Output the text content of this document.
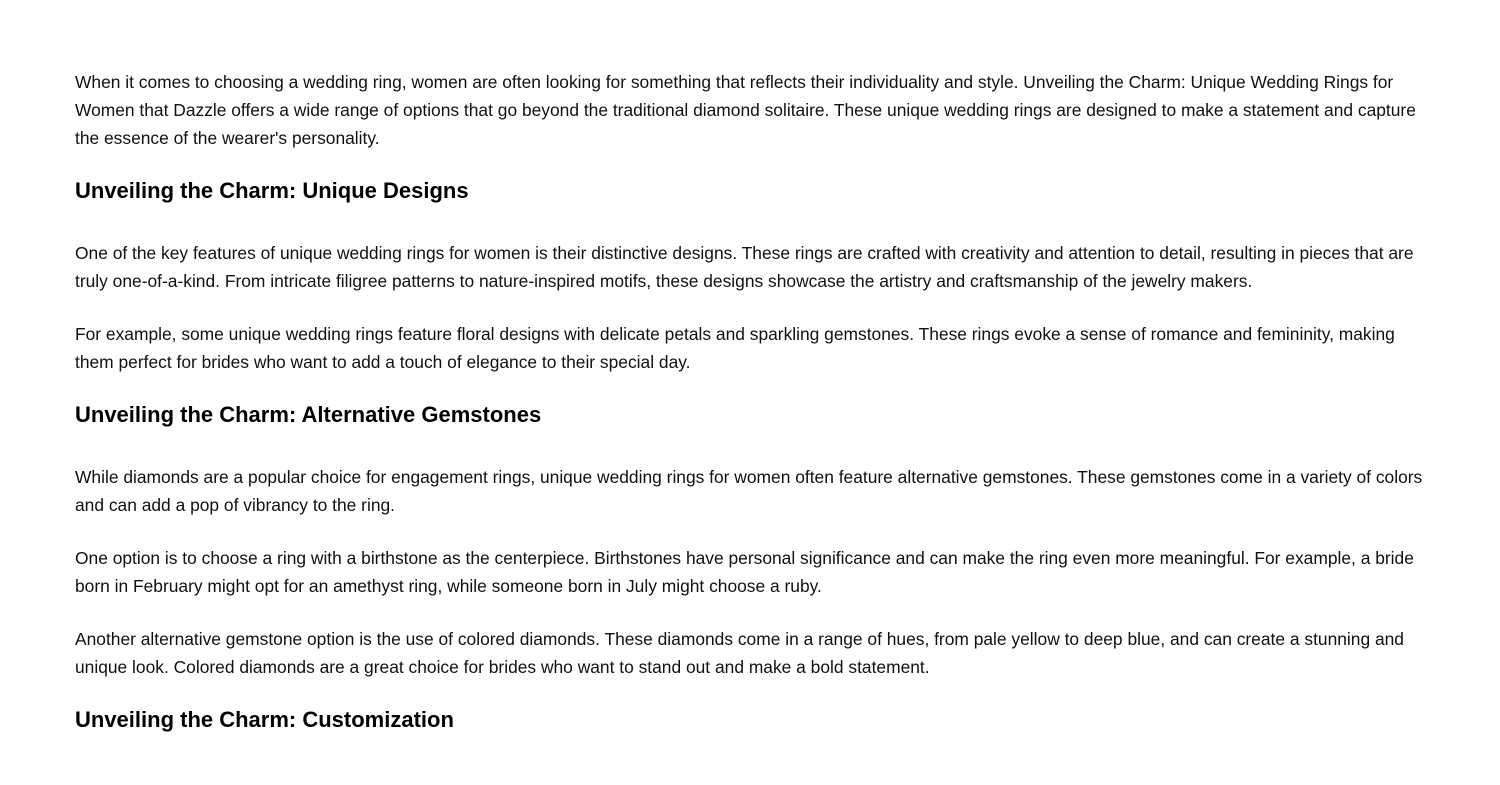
When it comes to choosing a wedding ring, women are often looking for something that reflects their individuality and style. Unveiling the Charm: Unique Wedding Rings for Women that Dazzle offers a wide range of options that go beyond the traditional diamond solitaire. These unique wedding rings are designed to make a statement and capture the essence of the wearer's personality.

Unveiling the Charm: Unique Designs

One of the key features of unique wedding rings for women is their distinctive designs. These rings are crafted with creativity and attention to detail, resulting in pieces that are truly one-of-a-kind. From intricate filigree patterns to nature-inspired motifs, these designs showcase the artistry and craftsmanship of the jewelry makers.

For example, some unique wedding rings feature floral designs with delicate petals and sparkling gemstones. These rings evoke a sense of romance and femininity, making them perfect for brides who want to add a touch of elegance to their special day.

Unveiling the Charm: Alternative Gemstones

While diamonds are a popular choice for engagement rings, unique wedding rings for women often feature alternative gemstones. These gemstones come in a variety of colors and can add a pop of vibrancy to the ring.

One option is to choose a ring with a birthstone as the centerpiece. Birthstones have personal significance and can make the ring even more meaningful. For example, a bride born in February might opt for an amethyst ring, while someone born in July might choose a ruby.

Another alternative gemstone option is the use of colored diamonds. These diamonds come in a range of hues, from pale yellow to deep blue, and can create a stunning and unique look. Colored diamonds are a great choice for brides who want to stand out and make a bold statement.

Unveiling the Charm: Customization
